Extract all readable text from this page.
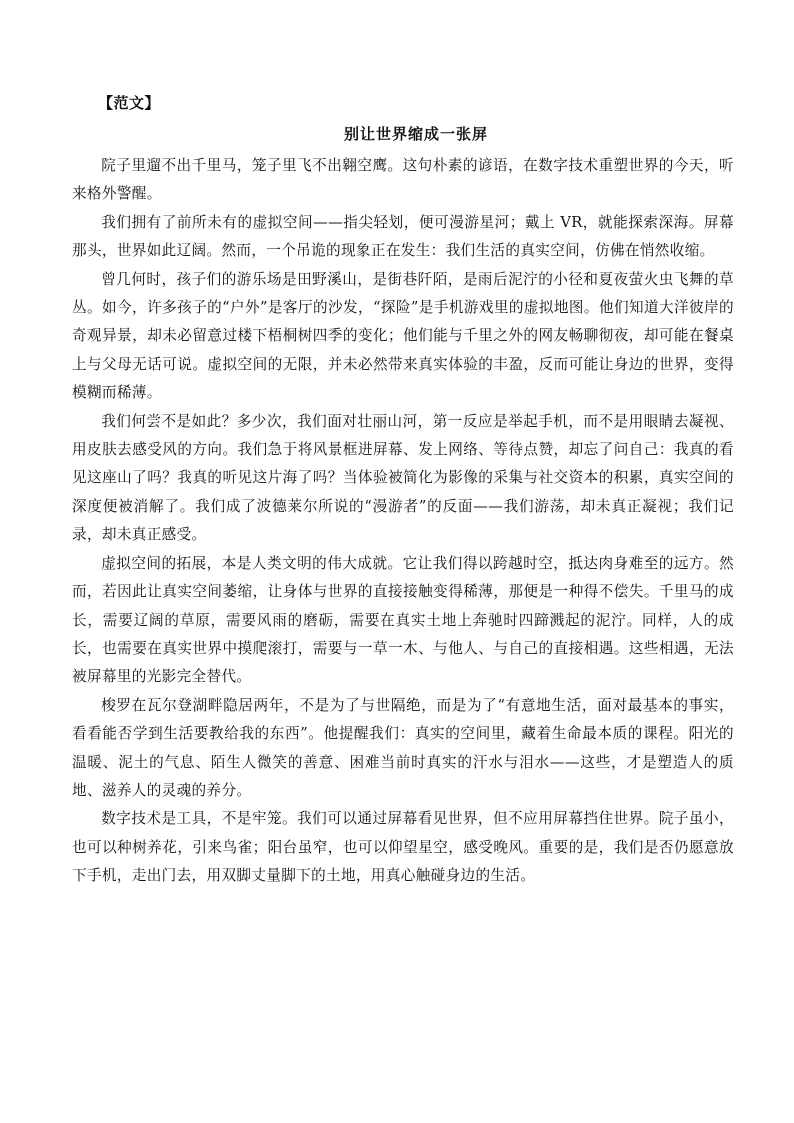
【范文】
别让世界缩成一张屏

院子里遛不出千里马，笼子里飞不出翱空鹰。这句朴素的谚语，在数字技术重塑世界的今天，听来格外警醒。

我们拥有了前所未有的虚拟空间——指尖轻划，便可漫游星河；戴上 VR，就能探索深海。屏幕那头，世界如此辽阔。然而，一个吊诡的现象正在发生：我们生活的真实空间，仿佛在悄然收缩。

曾几何时，孩子们的游乐场是田野溪山，是街巷阡陌，是雨后泥泞的小径和夏夜萤火虫飞舞的草丛。如今，许多孩子的“户外”是客厅的沙发，“探险”是手机游戏里的虚拟地图。他们知道大洋彼岸的奇观异景，却未必留意过楼下梧桐树四季的变化；他们能与千里之外的网友畅聊彻夜，却可能在餐桌上与父母无话可说。虚拟空间的无限，并未必然带来真实体验的丰盈，反而可能让身边的世界，变得模糊而稀薄。

我们何尝不是如此？多少次，我们面对壮丽山河，第一反应是举起手机，而不是用眼睛去凝视、用皮肤去感受风的方向。我们急于将风景框进屏幕、发上网络、等待点赞，却忘了问自己：我真的看见这座山了吗？我真的听见这片海了吗？当体验被简化为影像的采集与社交资本的积累，真实空间的深度便被消解了。我们成了波德莱尔所说的“漫游者”的反面——我们游荡，却未真正凝视；我们记录，却未真正感受。

虚拟空间的拓展，本是人类文明的伟大成就。它让我们得以跨越时空，抵达肉身难至的远方。然而，若因此让真实空间萎缩，让身体与世界的直接接触变得稀薄，那便是一种得不偿失。千里马的成长，需要辽阔的草原，需要风雨的磨砺，需要在真实土地上奔驰时四蹄溅起的泥泞。同样，人的成长，也需要在真实世界中摸爬滚打，需要与一草一木、与他人、与自己的直接相遇。这些相遇，无法被屏幕里的光影完全替代。

梭罗在瓦尔登湖畔隐居两年，不是为了与世隔绝，而是为了“有意地生活，面对最基本的事实，看看能否学到生活要教给我的东西”。他提醒我们：真实的空间里，藏着生命最本质的课程。阳光的温暖、泥土的气息、陌生人微笑的善意、困难当前时真实的汗水与泪水——这些，才是塑造人的质地、滋养人的灵魂的养分。

数字技术是工具，不是牢笼。我们可以通过屏幕看见世界，但不应用屏幕挡住世界。院子虽小，也可以种树养花，引来鸟雀；阳台虽窄，也可以仰望星空，感受晚风。重要的是，我们是否仍愿意放下手机，走出门去，用双脚丈量脚下的土地，用真心触碰身边的生活。
